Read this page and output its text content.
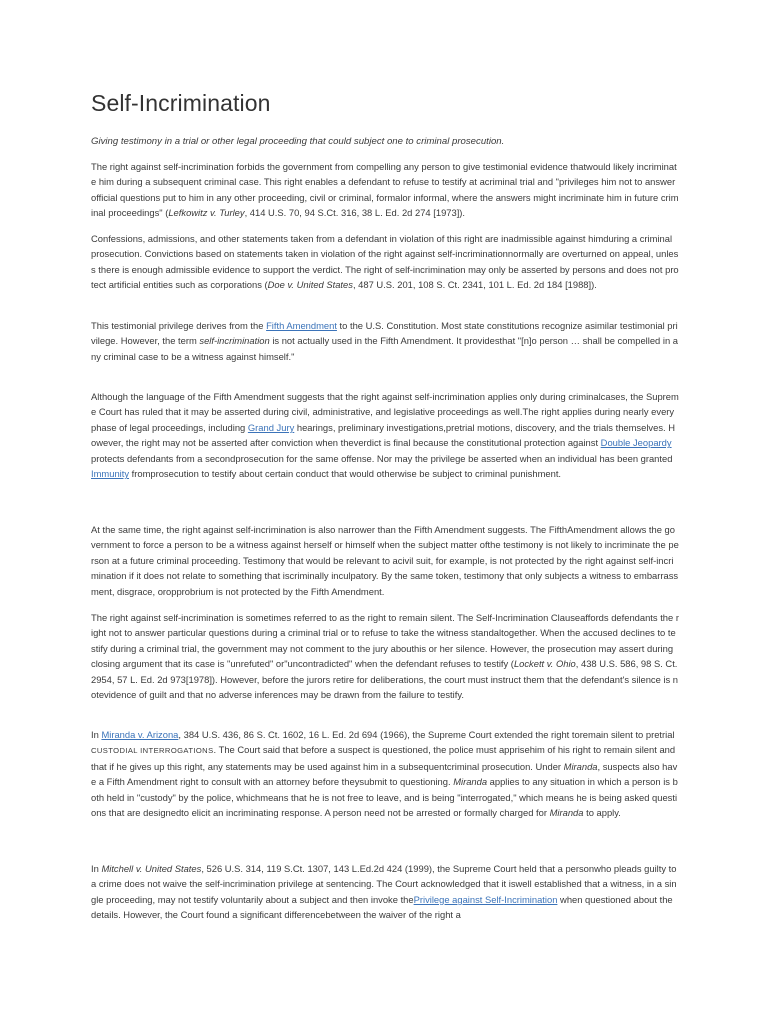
Self-Incrimination

Giving testimony in a trial or other legal proceeding that could subject one to criminal prosecution.

The right against self-incrimination forbids the government from compelling any person to give testimonial evidence thatwould likely incriminate him during a subsequent criminal case. This right enables a defendant to refuse to testify at acriminal trial and "privileges him not to answer official questions put to him in any other proceeding, civil or criminal, formalor informal, where the answers might incriminate him in future criminal proceedings" (Lefkowitz v. Turley, 414 U.S. 70, 94 S.Ct. 316, 38 L. Ed. 2d 274 [1973]).

Confessions, admissions, and other statements taken from a defendant in violation of this right are inadmissible against himduring a criminal prosecution. Convictions based on statements taken in violation of the right against self-incriminationnormally are overturned on appeal, unless there is enough admissible evidence to support the verdict. The right of self-incrimination may only be asserted by persons and does not protect artificial entities such as corporations (Doe v. United States, 487 U.S. 201, 108 S. Ct. 2341, 101 L. Ed. 2d 184 [1988]).

This testimonial privilege derives from the Fifth Amendment to the U.S. Constitution. Most state constitutions recognize asimilar testimonial privilege. However, the term self-incrimination is not actually used in the Fifth Amendment. It providesthat "[n]o person … shall be compelled in any criminal case to be a witness against himself."

Although the language of the Fifth Amendment suggests that the right against self-incrimination applies only during criminalcases, the Supreme Court has ruled that it may be asserted during civil, administrative, and legislative proceedings as well.The right applies during nearly every phase of legal proceedings, including Grand Jury hearings, preliminary investigations,pretrial motions, discovery, and the trials themselves. However, the right may not be asserted after conviction when theverdict is final because the constitutional protection against Double Jeopardy protects defendants from a secondprosecution for the same offense. Nor may the privilege be asserted when an individual has been granted Immunity fromprosecution to testify about certain conduct that would otherwise be subject to criminal punishment.

At the same time, the right against self-incrimination is also narrower than the Fifth Amendment suggests. The FifthAmendment allows the government to force a person to be a witness against herself or himself when the subject matter ofthe testimony is not likely to incriminate the person at a future criminal proceeding. Testimony that would be relevant to acivil suit, for example, is not protected by the right against self-incrimination if it does not relate to something that iscriminally inculpatory. By the same token, testimony that only subjects a witness to embarrassment, disgrace, oropprobrium is not protected by the Fifth Amendment.

The right against self-incrimination is sometimes referred to as the right to remain silent. The Self-Incrimination Clauseaffords defendants the right not to answer particular questions during a criminal trial or to refuse to take the witness standaltogether. When the accused declines to testify during a criminal trial, the government may not comment to the jury abouthis or her silence. However, the prosecution may assert during closing argument that its case is "unrefuted" or"uncontradicted" when the defendant refuses to testify (Lockett v. Ohio, 438 U.S. 586, 98 S. Ct. 2954, 57 L. Ed. 2d 973[1978]). However, before the jurors retire for deliberations, the court must instruct them that the defendant's silence is notevidence of guilt and that no adverse inferences may be drawn from the failure to testify.

In Miranda v. Arizona, 384 U.S. 436, 86 S. Ct. 1602, 16 L. Ed. 2d 694 (1966), the Supreme Court extended the right toremain silent to pretrial CUSTODIAL INTERROGATIONS. The Court said that before a suspect is questioned, the police must apprisehim of his right to remain silent and that if he gives up this right, any statements may be used against him in a subsequentcriminal prosecution. Under Miranda, suspects also have a Fifth Amendment right to consult with an attorney before theysubmit to questioning. Miranda applies to any situation in which a person is both held in "custody" by the police, whichmeans that he is not free to leave, and is being "interrogated," which means he is being asked questions that are designedto elicit an incriminating response. A person need not be arrested or formally charged for Miranda to apply.

In Mitchell v. United States, 526 U.S. 314, 119 S.Ct. 1307, 143 L.Ed.2d 424 (1999), the Supreme Court held that a personwho pleads guilty to a crime does not waive the self-incrimination privilege at sentencing. The Court acknowledged that it iswell established that a witness, in a single proceeding, may not testify voluntarily about a subject and then invoke thePrivilege against Self-Incrimination when questioned about the details. However, the Court found a significant differencebetween the waiver of the right a
